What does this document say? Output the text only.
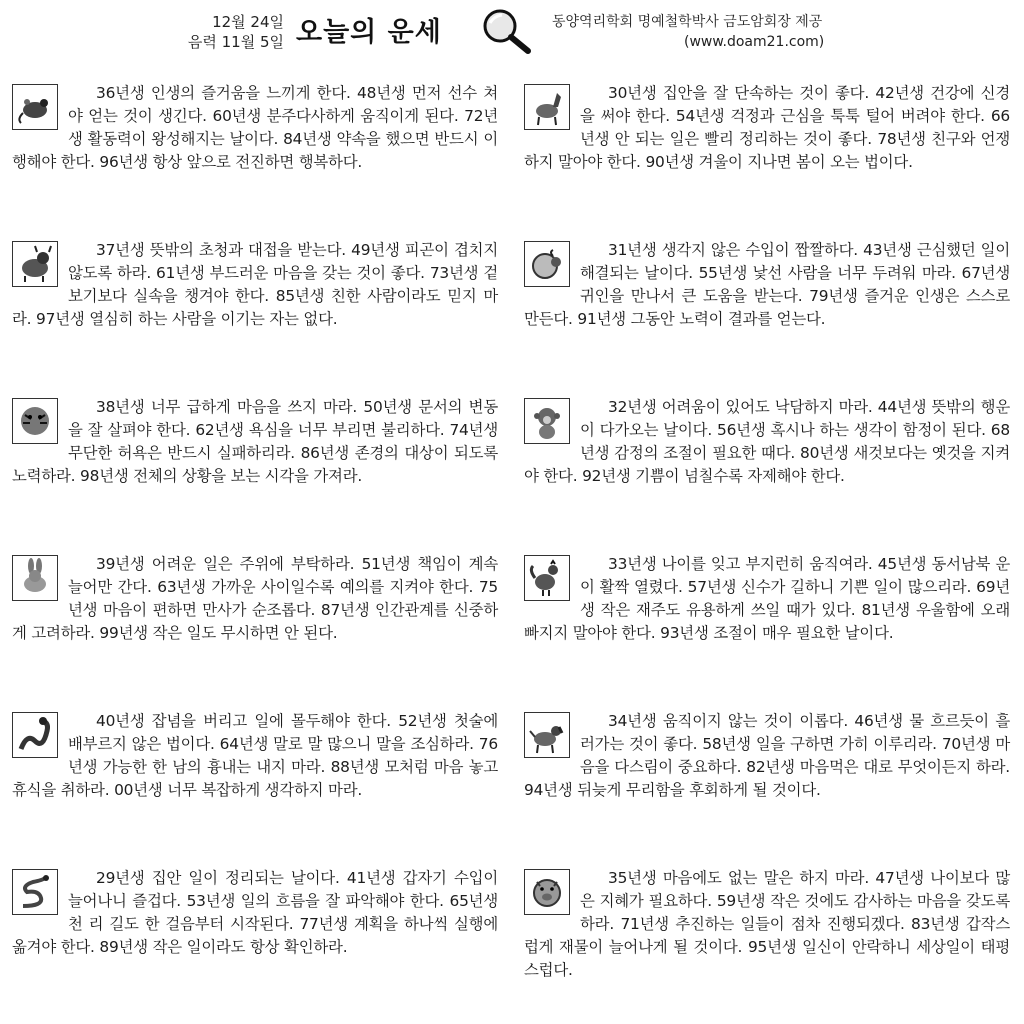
12월 24일
음력 11월 5일 오늘의 운세	동양역리학회 명예철학박사 금도암회장 제공
(www.doam21.com)
36년생 인생의 즐거움을 느끼게 한다. 48년생 먼저 선수 쳐야 얻는 것이 생긴다. 60년생 분주다사하게 움직이게 된다. 72년생 활동력이 왕성해지는 날이다. 84년생 약속을 했으면 반드시 이행해야 한다. 96년생 항상 앞으로 전진하면 행복하다.
37년생 뜻밖의 초청과 대접을 받는다. 49년생 피곤이 겹치지 않도록 하라. 61년생 부드러운 마음을 갖는 것이 좋다. 73년생 겉보기보다 실속을 챙겨야 한다. 85년생 친한 사람이라도 믿지 마라. 97년생 열심히 하는 사람을 이기는 자는 없다.
38년생 너무 급하게 마음을 쓰지 마라. 50년생 문서의 변동을 잘 살펴야 한다. 62년생 욕심을 너무 부리면 불리하다. 74년생 무단한 허욕은 반드시 실패하리라. 86년생 존경의 대상이 되도록 노력하라. 98년생 전체의 상황을 보는 시각을 가져라.
39년생 어려운 일은 주위에 부탁하라. 51년생 책임이 계속 늘어만 간다. 63년생 가까운 사이일수록 예의를 지켜야 한다. 75년생 마음이 편하면 만사가 순조롭다. 87년생 인간관계를 신중하게 고려하라. 99년생 작은 일도 무시하면 안 된다.
40년생 잡념을 버리고 일에 몰두해야 한다. 52년생 첫술에 배부르지 않은 법이다. 64년생 말로 말 많으니 말을 조심하라. 76년생 가능한 한 남의 흉내는 내지 마라. 88년생 모처럼 마음 놓고 휴식을 취하라. 00년생 너무 복잡하게 생각하지 마라.
29년생 집안 일이 정리되는 날이다. 41년생 갑자기 수입이 늘어나니 즐겁다. 53년생 일의 흐름을 잘 파악해야 한다. 65년생 천 리 길도 한 걸음부터 시작된다. 77년생 계획을 하나씩 실행에 옮겨야 한다. 89년생 작은 일이라도 항상 확인하라.
30년생 집안을 잘 단속하는 것이 좋다. 42년생 건강에 신경을 써야 한다. 54년생 걱정과 근심을 툭툭 털어 버려야 한다. 66년생 안 되는 일은 빨리 정리하는 것이 좋다. 78년생 친구와 언쟁하지 말아야 한다. 90년생 겨울이 지나면 봄이 오는 법이다.
31년생 생각지 않은 수입이 짭짤하다. 43년생 근심했던 일이 해결되는 날이다. 55년생 낯선 사람을 너무 두려워 마라. 67년생 귀인을 만나서 큰 도움을 받는다. 79년생 즐거운 인생은 스스로 만든다. 91년생 그동안 노력이 결과를 얻는다.
32년생 어려움이 있어도 낙담하지 마라. 44년생 뜻밖의 행운이 다가오는 날이다. 56년생 혹시나 하는 생각이 함정이 된다. 68년생 감정의 조절이 필요한 때다. 80년생 새것보다는 옛것을 지켜야 한다. 92년생 기쁨이 넘칠수록 자제해야 한다.
33년생 나이를 잊고 부지런히 움직여라. 45년생 동서남북 운이 활짝 열렸다. 57년생 신수가 길하니 기쁜 일이 많으리라. 69년생 작은 재주도 유용하게 쓰일 때가 있다. 81년생 우울함에 오래 빠지지 말아야 한다. 93년생 조절이 매우 필요한 날이다.
34년생 움직이지 않는 것이 이롭다. 46년생 물 흐르듯이 흘러가는 것이 좋다. 58년생 일을 구하면 가히 이루리라. 70년생 마음을 다스림이 중요하다. 82년생 마음먹은 대로 무엇이든지 하라. 94년생 뒤늦게 무리함을 후회하게 될 것이다.
35년생 마음에도 없는 말은 하지 마라. 47년생 나이보다 많은 지혜가 필요하다. 59년생 작은 것에도 감사하는 마음을 갖도록 하라. 71년생 추진하는 일들이 점차 진행되겠다. 83년생 갑작스럽게 재물이 늘어나게 될 것이다. 95년생 일신이 안락하니 세상일이 태평스럽다.
